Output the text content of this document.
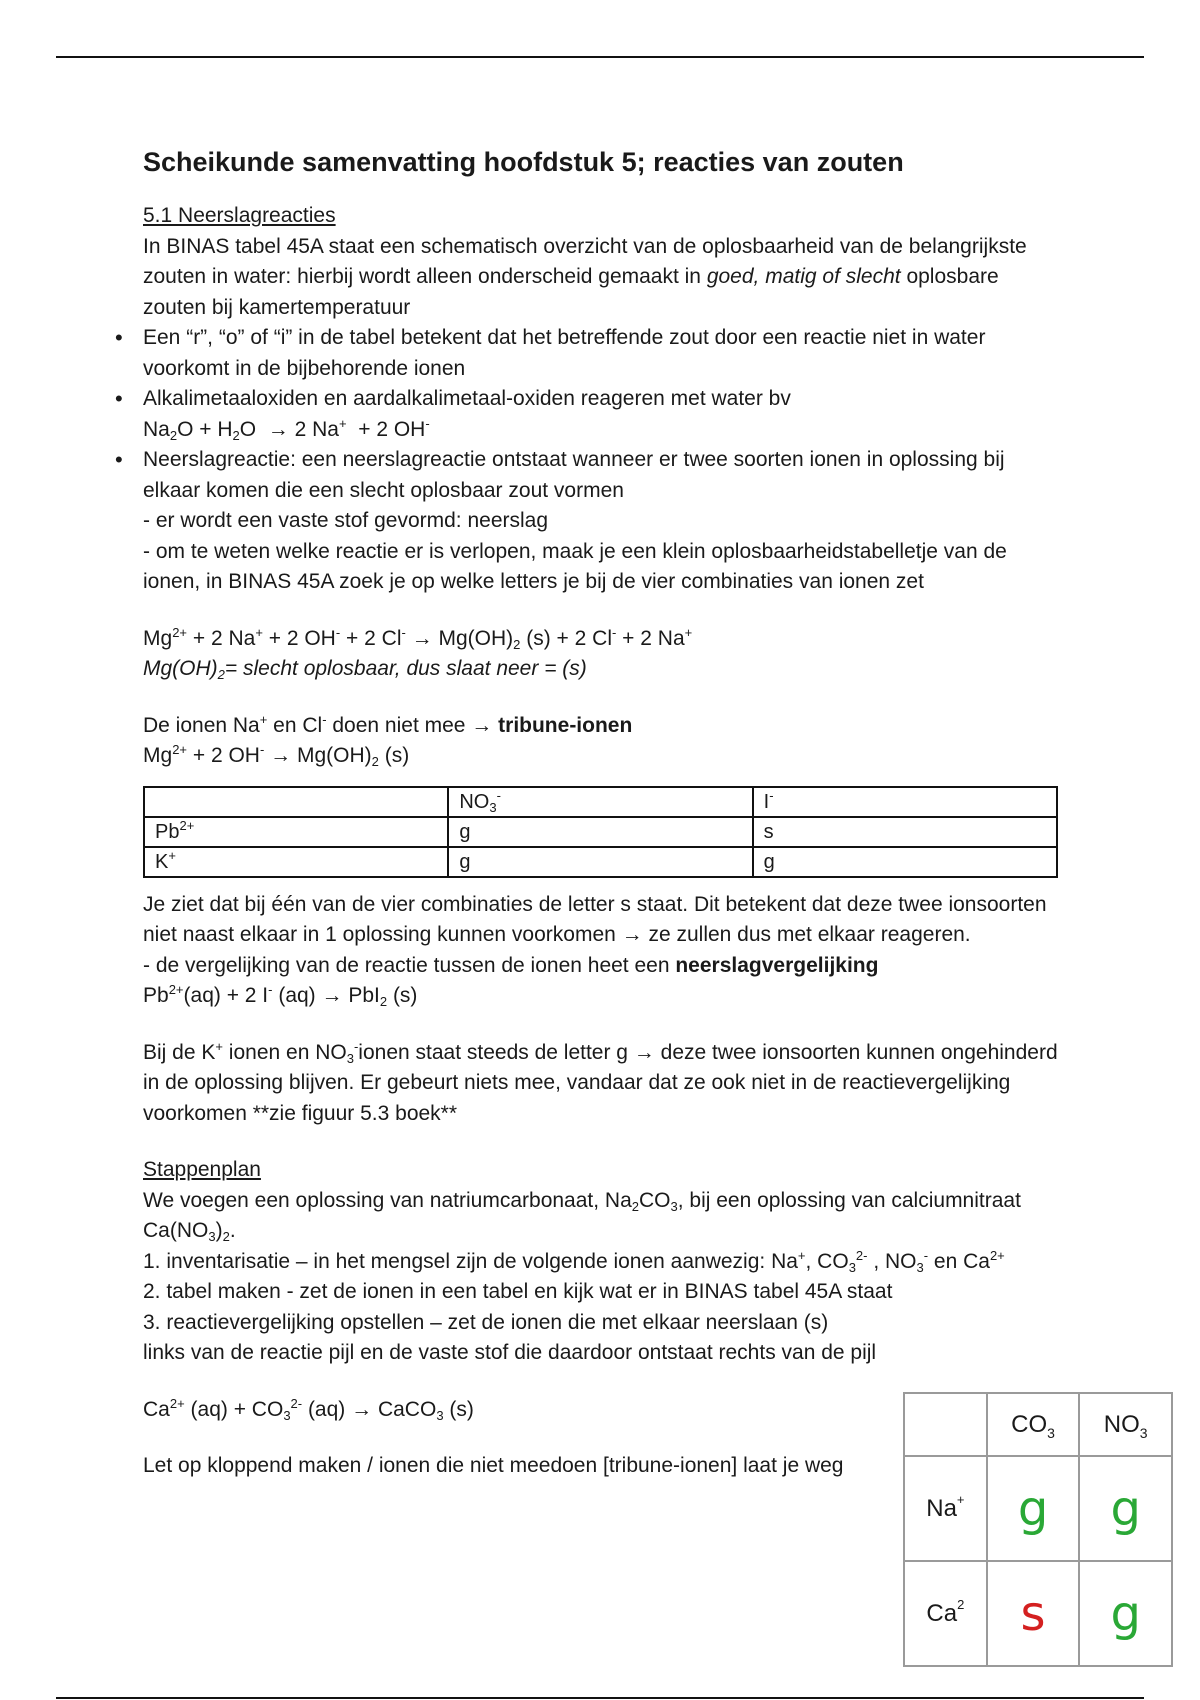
Scheikunde samenvatting hoofdstuk 5; reacties van zouten

5.1 Neerslagreacties

In BINAS tabel 45A staat een schematisch overzicht van de oplosbaarheid van de belangrijkste zouten in water: hierbij wordt alleen onderscheid gemaakt in goed, matig of slecht oplosbare zouten bij kamertemperatuur

• Een “r”, “o” of “i” in de tabel betekent dat het betreffende zout door een reactie niet in water voorkomt in de bijbehorende ionen
• Alkalimetaaloxiden en aardalkalimetaal-oxiden reageren met water bv
$Na_2O + H_2O \to 2$ Na+  + 2 OH-
• Neerslagreactie: een neerslagreactie ontstaat wanneer er twee soorten ionen in oplossing bij elkaar komen die een slecht oplosbaar zout vormen

- er wordt een vaste stof gevormd: neerslag

- om te weten welke reactie er is verlopen, maak je een klein oplosbaarheidstabelletje van de ionen, in BINAS 45A zoek je op welke letters je bij de vier combinaties van ionen zet

$Mg^{2+} + 2$ Na+ + 2 OH- + 2 $Cl^- \to Mg(OH)_2$ (s) + 2 Cl- + 2 Na+

$Mg(OH)_2=$ slecht oplosbaar, dus slaat neer = (s)

De ionen Na+ en Cl- doen niet mee → tribune-ionen

$Mg^{2+} + 2$ $OH^- \to Mg(OH)_2$ (s)

	$NO_3^-$	I-
$Pb^{2+}$	g	s
K+	g	g

Je ziet dat bij één van de vier combinaties de letter s staat. Dit betekent dat deze twee ionsoorten niet naast elkaar in 1 oplossing kunnen voorkomen → ze zullen dus met elkaar reageren.

- de vergelijking van de reactie tussen de ionen heet een neerslagvergelijking

$Pb^{2+}(aq) + 2$ I- (aq) → PbI$_2$ (s)

Bij de K+ ionen en $NO_3^-ionen$ staat steeds de letter g → deze twee ionsoorten kunnen ongehinderd in de oplossing blijven. Er gebeurt niets mee, vandaar dat ze ook niet in de reactievergelijking voorkomen **zie figuur 5.3 boek**

Stappenplan

We voegen een oplossing van natriumcarbonaat, $Na_2CO_3$, bij een oplossing van calciumnitraat $Ca(NO_3)_2$.

1. inventarisatie – in het mengsel zijn de volgende ionen aanwezig: Na+, $CO_3^{2-}$ , $NO_3^-$ en $Ca^{2+}$

2. tabel maken - zet de ionen in een tabel en kijk wat er in BINAS tabel 45A staat

3. reactievergelijking opstellen – zet de ionen die met elkaar neerslaan (s)

links van de reactie pijl en de vaste stof die daardoor ontstaat rechts van de pijl

$Ca^{2+}$ $(aq) + CO_3^{2-}$ (aq) → CaCO$_3$ (s)

Let op kloppend maken / ionen die niet meedoen [tribune-ionen] laat je weg

	$CO_3$	$NO_3$
Na+	g	g
Ca$^2$	s	g
